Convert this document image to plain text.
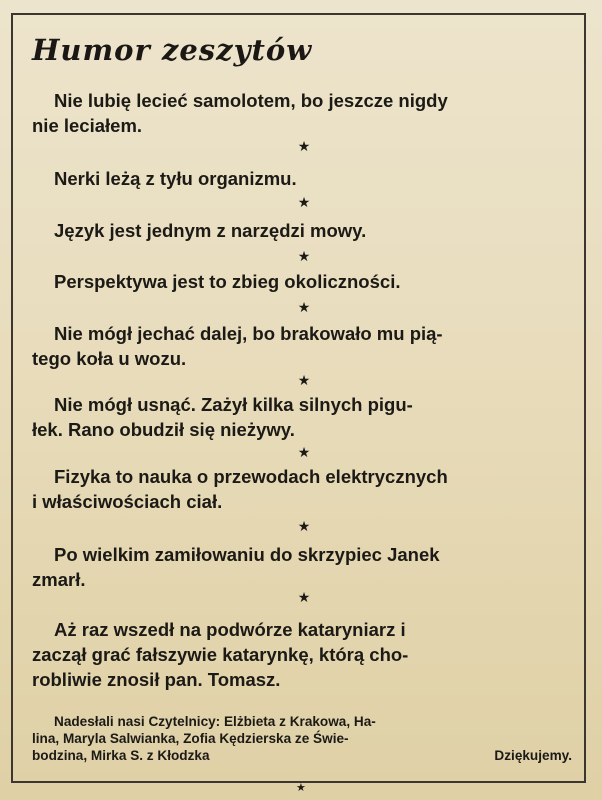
Humor zeszytów
Nie lubię lecieć samolotem, bo jeszcze nigdy
nie leciałem.
★
Nerki leżą z tyłu organizmu.
★
Język jest jednym z narzędzi mowy.
★
Perspektywa jest to zbieg okoliczności.
★
Nie mógł jechać dalej, bo brakowało mu pią-
tego koła u wozu.
★
Nie mógł usnąć. Zażył kilka silnych pigu-
łek. Rano obudził się nieżywy.
★
Fizyka to nauka o przewodach elektrycznych
i właściwościach ciał.
★
Po wielkim zamiłowaniu do skrzypiec Janek
zmarł.
★
Aż raz wszedł na podwórze kataryniarz i
zaczął grać fałszywie katarynkę, którą cho-
robliwie znosił pan. Tomasz.
Nadesłali nasi Czytelnicy: Elżbieta z Krakowa, Ha-
lina, Maryla Salwianka, Zofia Kędzierska ze Świe-
bodzina, Mirka S. z Kłodzka	Dziękujemy.
★
